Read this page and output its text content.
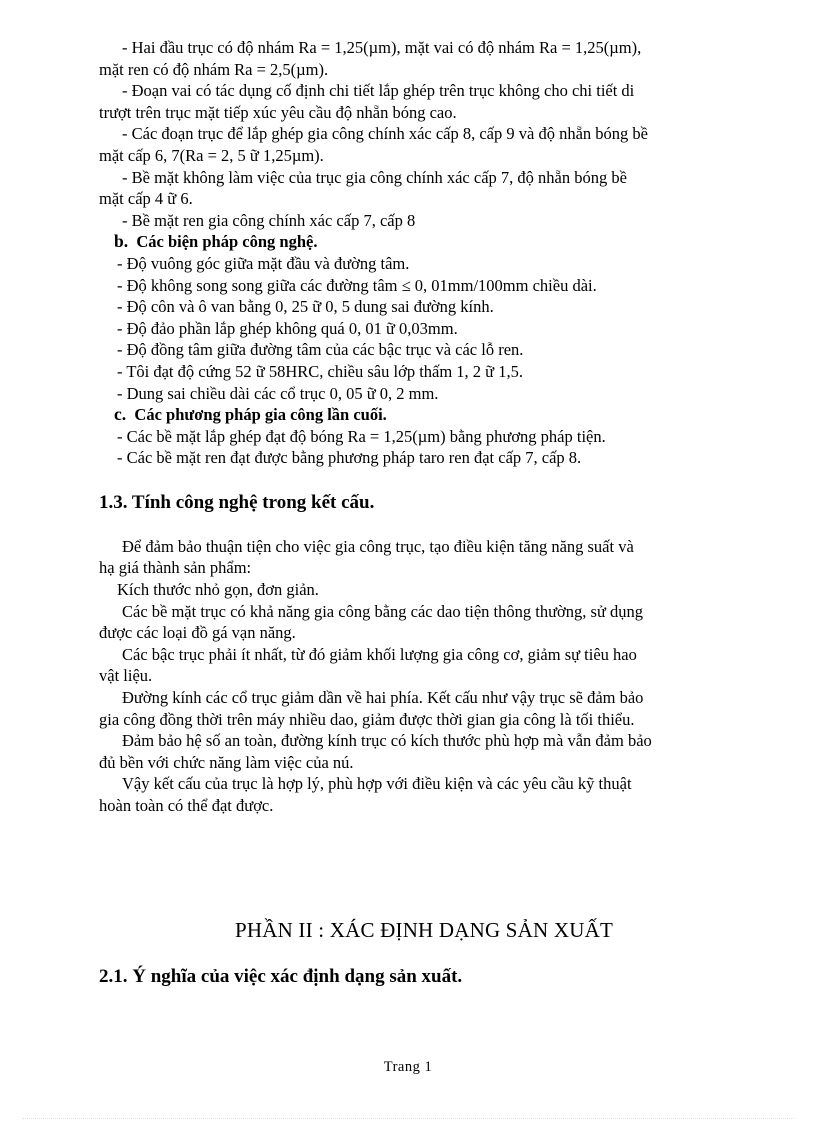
- Hai đầu trục có độ nhám Ra = 1,25(µm), mặt vai có độ nhám Ra = 1,25(µm),

mặt ren có độ nhám Ra = 2,5(µm).

- Đoạn vai có tác dụng cố định chi tiết lắp ghép trên trục không cho chi tiết di

trượt trên trục mặt tiếp xúc yêu cầu độ nhẵn bóng cao.

- Các đoạn trục để lắp ghép gia công chính xác cấp 8, cấp 9 và độ nhẵn bóng bề

mặt cấp 6, 7(Ra = 2, 5 ữ 1,25µm).

- Bề mặt không làm việc của trục gia công chính xác cấp 7, độ nhẵn bóng bề

mặt cấp 4 ữ 6.

- Bề mặt ren gia công chính xác cấp 7, cấp 8

b. Các biện pháp công nghệ.

- Độ vuông góc giữa mặt đầu và đường tâm.

- Độ không song song giữa các đường tâm ≤ 0, 01mm/100mm chiều dài.

- Độ côn và ô van bằng 0, 25 ữ 0, 5 dung sai đường kính.

- Độ đảo phần lắp ghép không quá 0, 01 ữ 0,03mm.

- Độ đồng tâm giữa đường tâm của các bậc trục và các lỗ ren.

- Tôi đạt độ cứng 52 ữ 58HRC, chiều sâu lớp thấm 1, 2 ữ 1,5.

- Dung sai chiều dài các cổ trục 0, 05 ữ 0, 2 mm.

c. Các phương pháp gia công lần cuối.

- Các bề mặt lắp ghép đạt độ bóng Ra = 1,25(µm) bằng phương pháp tiện.

- Các bề mặt ren đạt được bằng phương pháp taro ren đạt cấp 7, cấp 8.

1.3. Tính công nghệ trong kết cấu.

Để đảm bảo thuận tiện cho việc gia công trục, tạo điều kiện tăng năng suất và

hạ giá thành sản phẩm:

Kích thước nhỏ gọn, đơn giản.

Các bề mặt trục có khả năng gia công bằng các dao tiện thông thường, sử dụng

được các loại đồ gá vạn năng.

Các bậc trục phải ít nhất, từ đó giảm khối lượng gia công cơ, giảm sự tiêu hao

vật liệu.

Đường kính các cổ trục giảm dần về hai phía. Kết cấu như vậy trục sẽ đảm bảo

gia công đồng thời trên máy nhiều dao, giảm được thời gian gia công là tối thiểu.

Đảm bảo hệ số an toàn, đường kính trục có kích thước phù hợp mà vẫn đảm bảo

đủ bền với chức năng làm việc của nú.

Vậy kết cấu của trục là hợp lý, phù hợp với điều kiện và các yêu cầu kỹ thuật

hoàn toàn có thể đạt được.

PHẦN II : XÁC ĐỊNH DẠNG SẢN XUẤT
2.1. Ý nghĩa của việc xác định dạng sản xuất.
Trang 1
